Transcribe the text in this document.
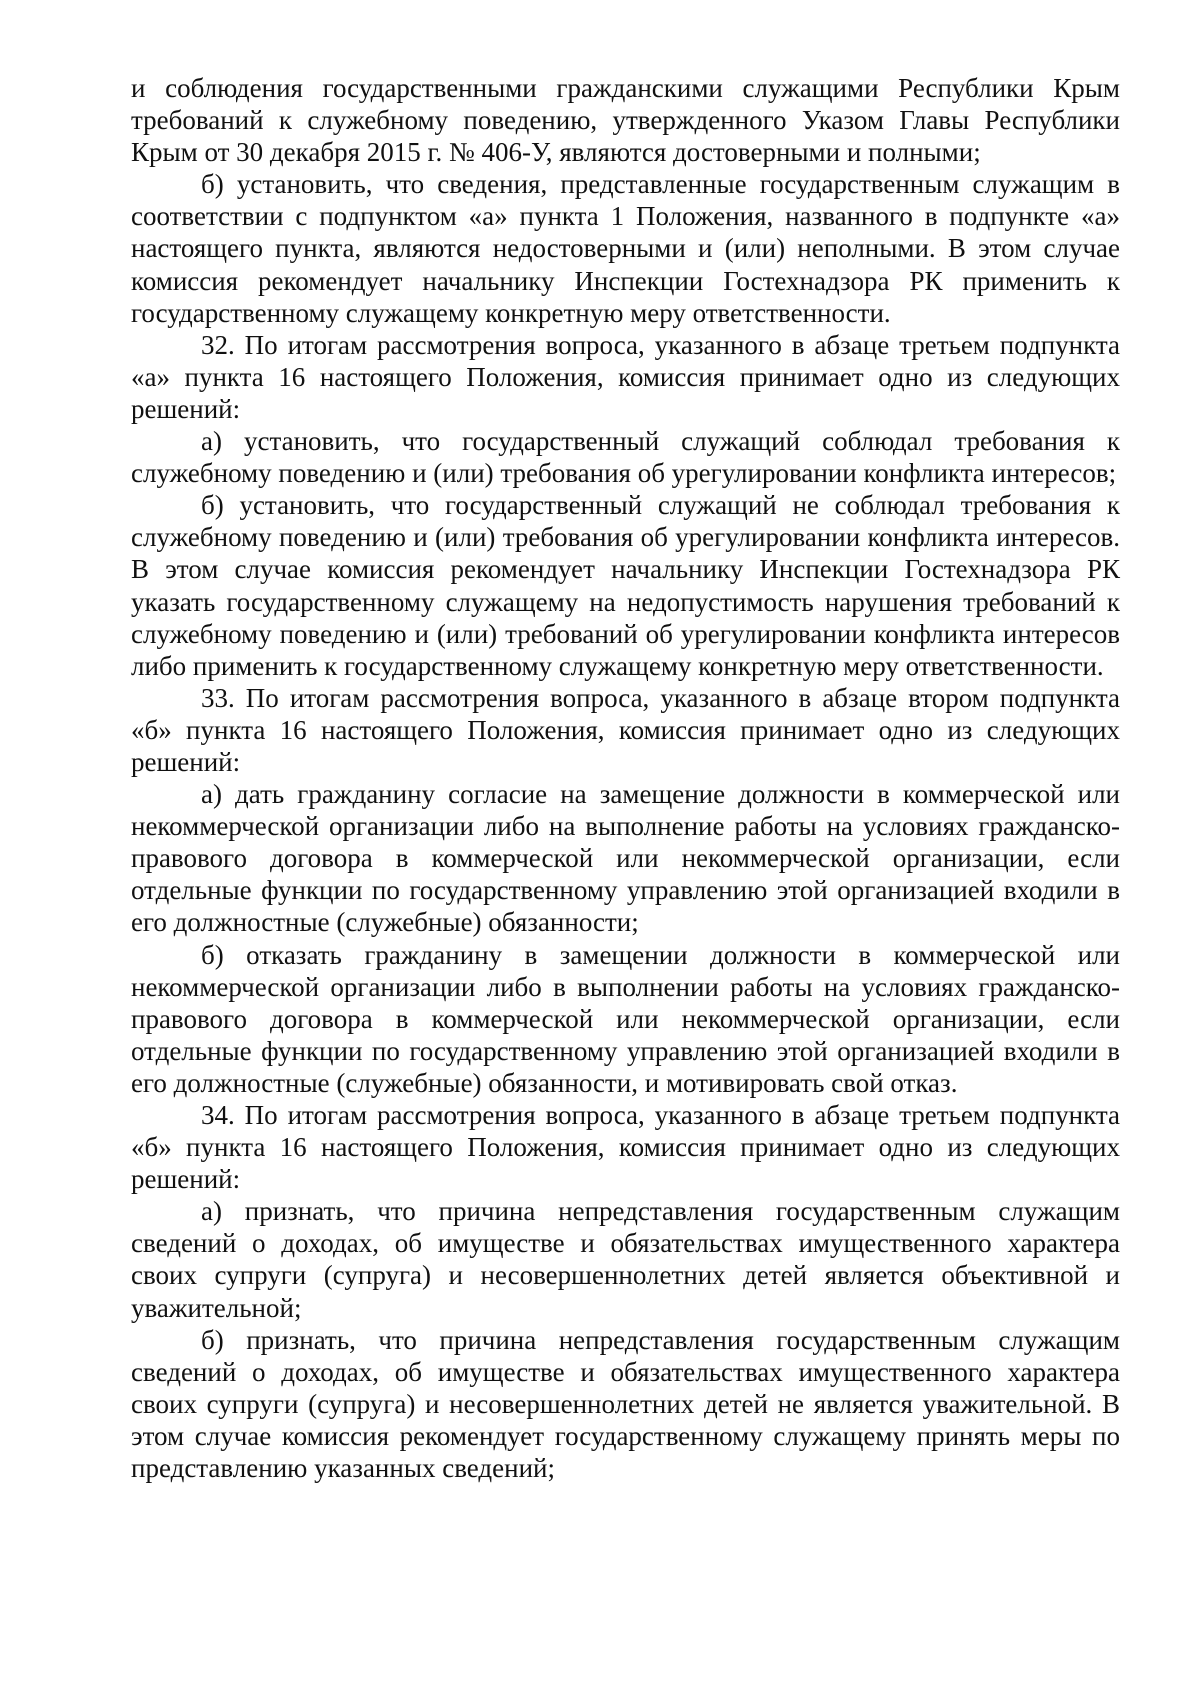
и соблюдения государственными гражданскими служащими Республики Крым требований к служебному поведению, утвержденного Указом Главы Республики Крым от 30 декабря 2015 г. № 406-У, являются достоверными и полными;

б) установить, что сведения, представленные государственным служащим в соответствии с подпунктом «а» пункта 1 Положения, названного в подпункте «а» настоящего пункта, являются недостоверными и (или) неполными. В этом случае комиссия рекомендует начальнику Инспекции Гостехнадзора РК применить к государственному служащему конкретную меру ответственности.

32. По итогам рассмотрения вопроса, указанного в абзаце третьем подпункта «а» пункта 16 настоящего Положения, комиссия принимает одно из следующих решений:

а) установить, что государственный служащий соблюдал требования к служебному поведению и (или) требования об урегулировании конфликта интересов;

б) установить, что государственный служащий не соблюдал требования к служебному поведению и (или) требования об урегулировании конфликта интересов. В этом случае комиссия рекомендует начальнику Инспекции Гостехнадзора РК указать государственному служащему на недопустимость нарушения требований к служебному поведению и (или) требований об урегулировании конфликта интересов либо применить к государственному служащему конкретную меру ответственности.

33. По итогам рассмотрения вопроса, указанного в абзаце втором подпункта «б» пункта 16 настоящего Положения, комиссия принимает одно из следующих решений:

а) дать гражданину согласие на замещение должности в коммерческой или некоммерческой организации либо на выполнение работы на условиях гражданско-правового договора в коммерческой или некоммерческой организации, если отдельные функции по государственному управлению этой организацией входили в его должностные (служебные) обязанности;

б) отказать гражданину в замещении должности в коммерческой или некоммерческой организации либо в выполнении работы на условиях гражданско-правового договора в коммерческой или некоммерческой организации, если отдельные функции по государственному управлению этой организацией входили в его должностные (служебные) обязанности, и мотивировать свой отказ.

34. По итогам рассмотрения вопроса, указанного в абзаце третьем подпункта «б» пункта 16 настоящего Положения, комиссия принимает одно из следующих решений:

а) признать, что причина непредставления государственным служащим сведений о доходах, об имуществе и обязательствах имущественного характера своих супруги (супруга) и несовершеннолетних детей является объективной и уважительной;

б) признать, что причина непредставления государственным служащим сведений о доходах, об имуществе и обязательствах имущественного характера своих супруги (супруга) и несовершеннолетних детей не является уважительной. В этом случае комиссия рекомендует государственному служащему принять меры по представлению указанных сведений;
